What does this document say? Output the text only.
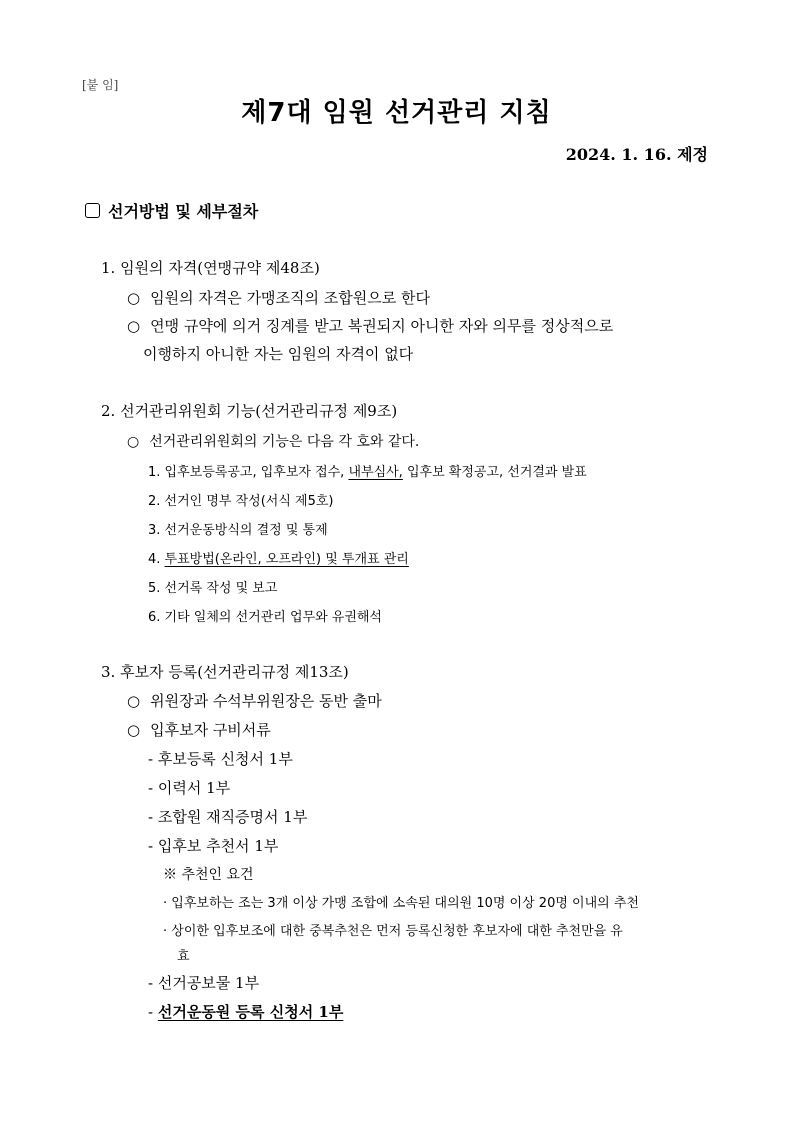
[붙 임]
제7대 임원 선거관리 지침
2024. 1. 16. 제정
선거방법 및 세부절차
1. 임원의 자격(연맹규약 제48조)
○ 임원의 자격은 가맹조직의 조합원으로 한다
○ 연맹 규약에 의거 징계를 받고 복권되지 아니한 자와 의무를 정상적으로
이행하지 아니한 자는 임원의 자격이 없다
2. 선거관리위원회 기능(선거관리규정 제9조)
○ 선거관리위원회의 기능은 다음 각 호와 같다.
1. 입후보등록공고, 입후보자 접수, 내부심사, 입후보 확정공고, 선거결과 발표
2. 선거인 명부 작성(서식 제5호)
3. 선거운동방식의 결정 및 통제
4. 투표방법(온라인, 오프라인) 및 투개표 관리
5. 선거록 작성 및 보고
6. 기타 일체의 선거관리 업무와 유권해석
3. 후보자 등록(선거관리규정 제13조)
○ 위원장과 수석부위원장은 동반 출마
○ 입후보자 구비서류
- 후보등록 신청서 1부
- 이력서 1부
- 조합원 재직증명서 1부
- 입후보 추천서 1부
※ 추천인 요건
· 입후보하는 조는 3개 이상 가맹 조합에 소속된 대의원 10명 이상 20명 이내의 추천
· 상이한 입후보조에 대한 중복추천은 먼저 등록신청한 후보자에 대한 추천만을 유
효
- 선거공보물 1부
- 선거운동원 등록 신청서 1부
